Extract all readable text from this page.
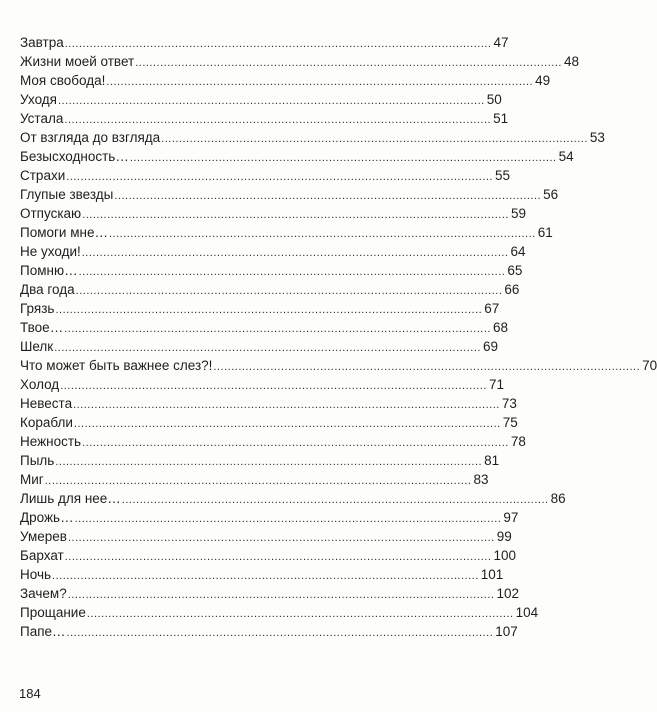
Завтра ........................................................................................................................ 47
Жизни моей ответ ........................................................................................................................ 48
Моя свобода! ........................................................................................................................ 49
Уходя ........................................................................................................................ 50
Устала ........................................................................................................................ 51
От взгляда до взгляда ........................................................................................................................ 53
Безысходность… ........................................................................................................................ 54
Страхи ........................................................................................................................ 55
Глупые звезды ........................................................................................................................ 56
Отпускаю ........................................................................................................................ 59
Помоги мне… ........................................................................................................................ 61
Не уходи! ........................................................................................................................ 64
Помню… ........................................................................................................................ 65
Два года ........................................................................................................................ 66
Грязь ........................................................................................................................ 67
Твое… ........................................................................................................................ 68
Шелк ........................................................................................................................ 69
Что может быть важнее слез?! ........................................................................................................................ 70
Холод ........................................................................................................................ 71
Невеста ........................................................................................................................ 73
Корабли ........................................................................................................................ 75
Нежность ........................................................................................................................ 78
Пыль ........................................................................................................................ 81
Миг ........................................................................................................................ 83
Лишь для нее… ........................................................................................................................ 86
Дрожь… ........................................................................................................................ 97
Умерев ........................................................................................................................ 99
Бархат ........................................................................................................................ 100
Ночь ........................................................................................................................ 101
Зачем? ........................................................................................................................ 102
Прощание ........................................................................................................................ 104
Папе… ........................................................................................................................ 107
184
